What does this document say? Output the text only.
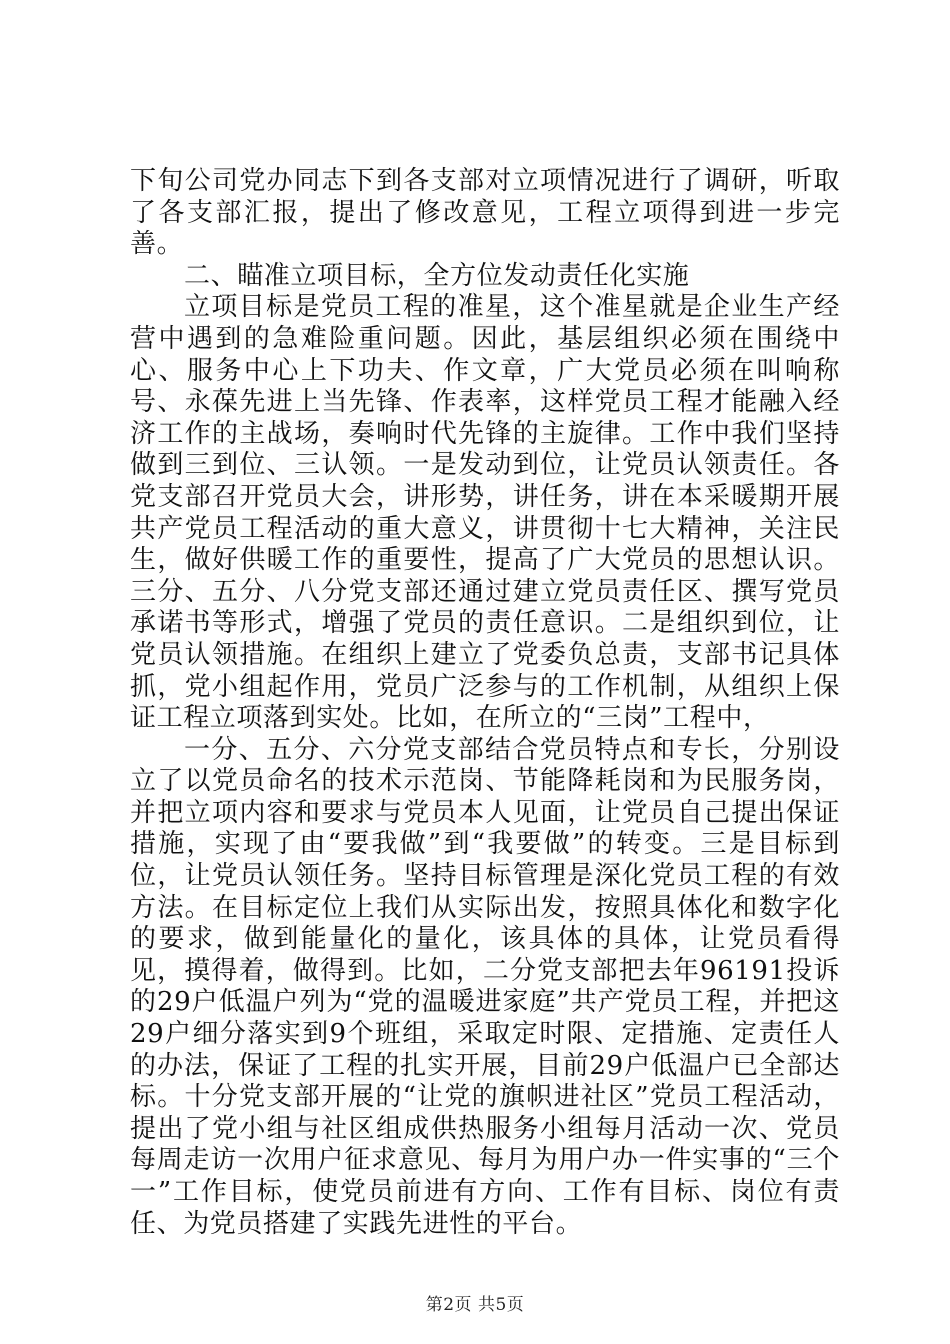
下旬公司党办同志下到各支部对立项情况进行了调研，听取了各支部汇报，提出了修改意见，工程立项得到进一步完善。

二、瞄准立项目标，全方位发动责任化实施

立项目标是党员工程的准星，这个准星就是企业生产经营中遇到的急难险重问题。因此，基层组织必须在围绕中心、服务中心上下功夫、作文章，广大党员必须在叫响称号、永葆先进上当先锋、作表率，这样党员工程才能融入经济工作的主战场，奏响时代先锋的主旋律。工作中我们坚持做到三到位、三认领。一是发动到位，让党员认领责任。各党支部召开党员大会，讲形势，讲任务，讲在本采暖期开展共产党员工程活动的重大意义，讲贯彻十七大精神，关注民生，做好供暖工作的重要性，提高了广大党员的思想认识。三分、五分、八分党支部还通过建立党员责任区、撰写党员承诺书等形式，增强了党员的责任意识。二是组织到位，让党员认领措施。在组织上建立了党委负总责，支部书记具体抓，党小组起作用，党员广泛参与的工作机制，从组织上保证工程立项落到实处。比如，在所立的“三岗”工程中，

一分、五分、六分党支部结合党员特点和专长，分别设立了以党员命名的技术示范岗、节能降耗岗和为民服务岗，并把立项内容和要求与党员本人见面，让党员自己提出保证措施，实现了由“要我做”到“我要做”的转变。三是目标到位，让党员认领任务。坚持目标管理是深化党员工程的有效方法。在目标定位上我们从实际出发，按照具体化和数字化的要求，做到能量化的量化，该具体的具体，让党员看得见，摸得着，做得到。比如，二分党支部把去年96191投诉的29户低温户列为“党的温暖进家庭”共产党员工程，并把这29户细分落实到9个班组，采取定时限、定措施、定责任人的办法，保证了工程的扎实开展，目前29户低温户已全部达标。十分党支部开展的“让党的旗帜进社区”党员工程活动，提出了党小组与社区组成供热服务小组每月活动一次、党员每周走访一次用户征求意见、每月为用户办一件实事的“三个一”工作目标，使党员前进有方向、工作有目标、岗位有责任、为党员搭建了实践先进性的平台。

第2页 共5页
